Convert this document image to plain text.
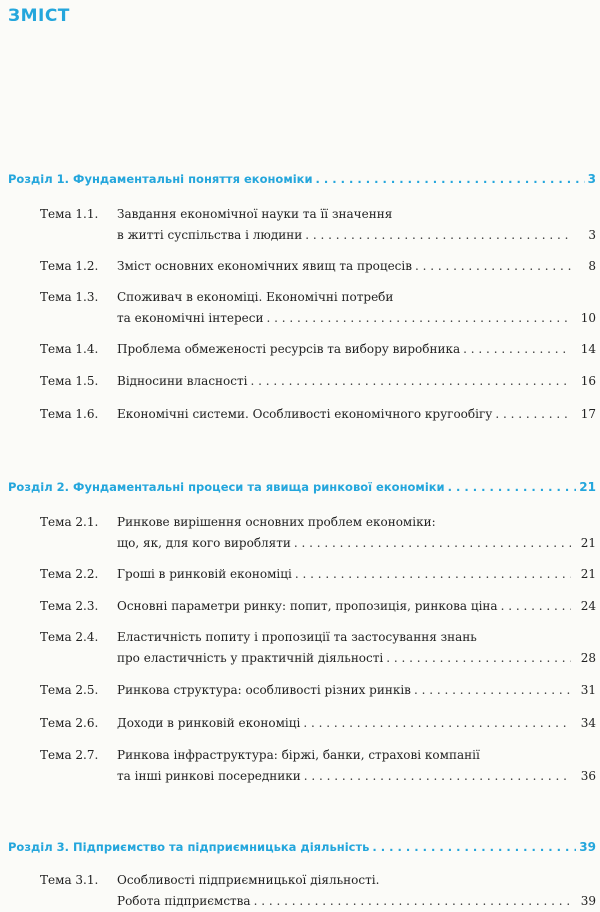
ЗМІСТ
Розділ 1. Фундаментальні поняття економіки . . .	3
Тема 1.1.	Завдання економічної науки та її значення
в житті суспільства і людини . . .	3
Тема 1.2.	Зміст основних економічних явищ та процесів . . .	8
Тема 1.3.	Споживач в економіці. Економічні потреби
та економічні інтереси . . .	10
Тема 1.4.	Проблема обмеженості ресурсів та вибору виробника . . .	14
Тема 1.5.	Відносини власності . . .	16
Тема 1.6.	Економічні системи. Особливості економічного кругообігу . . .	17
Розділ 2. Фундаментальні процеси та явища ринкової економіки . . .	21
Тема 2.1.	Ринкове вирішення основних проблем економіки:
що, як, для кого виробляти . . .	21
Тема 2.2.	Гроші в ринковій економіці . . .	21
Тема 2.3.	Основні параметри ринку: попит, пропозиція, ринкова ціна . . .	24
Тема 2.4.	Еластичність попиту і пропозиції та застосування знань
про еластичність у практичній діяльності . . .	28
Тема 2.5.	Ринкова структура: особливості різних ринків . . .	31
Тема 2.6.	Доходи в ринковій економіці . . .	34
Тема 2.7.	Ринкова інфраструктура: біржі, банки, страхові компанії
та інші ринкові посередники . . .	36
Розділ 3. Підприємство та підприємницька діяльність . . .	39
Тема 3.1.	Особливості підприємницької діяльності.
Робота підприємства . . .	39
